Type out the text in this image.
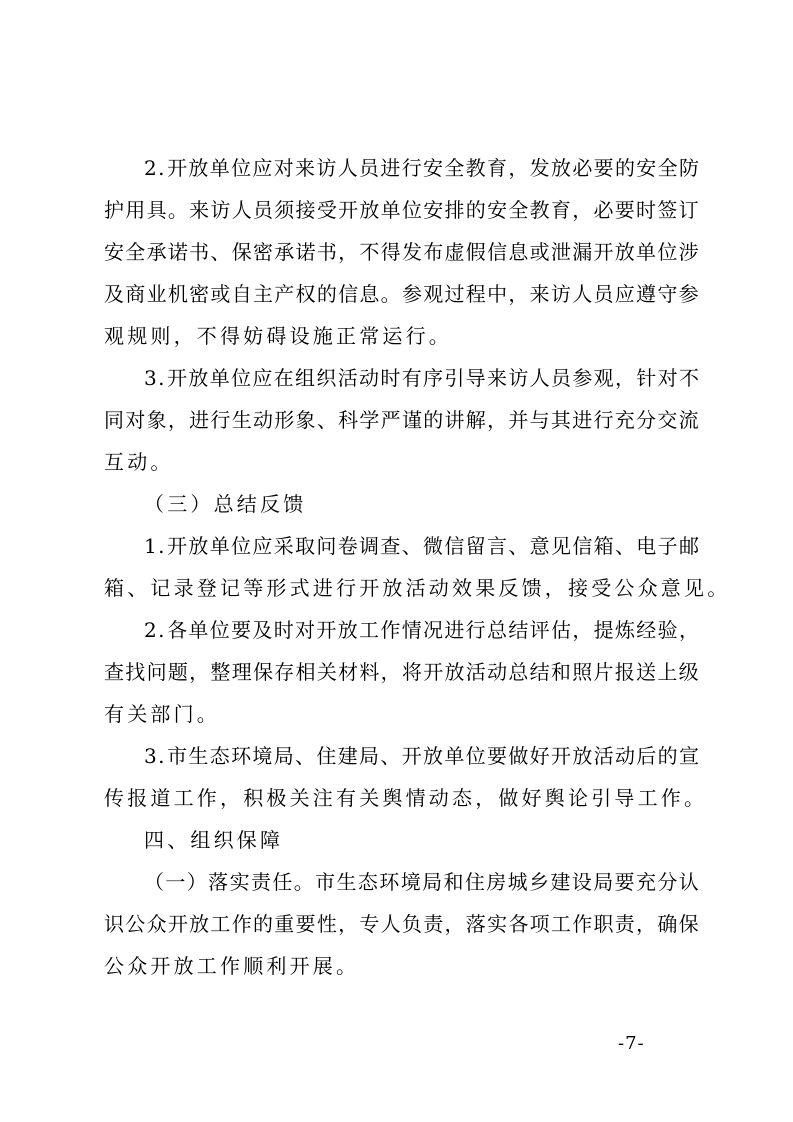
2 . 开 放 单 位 应 对 来 访 人 员 进 行 安 全 教 育 ， 发 放 必 要 的 安 全 防
护 用 具 。 来 访 人 员 须 接 受 开 放 单 位 安 排 的 安 全 教 育 ， 必 要 时 签 订
安 全 承 诺 书 、 保 密 承 诺 书 ， 不 得 发 布 虚 假 信 息 或 泄 漏 开 放 单 位 涉
及 商 业 机 密 或 自 主 产 权 的 信 息 。 参 观 过 程 中 ， 来 访 人 员 应 遵 守 参
观规则，不得妨碍设施正常运行。
3 . 开 放 单 位 应 在 组 织 活 动 时 有 序 引 导 来 访 人 员 参 观 ， 针 对 不
同 对 象 ， 进 行 生 动 形 象 、 科 学 严 谨 的 讲 解 ， 并 与 其 进 行 充 分 交 流
互动。
（三）总结反馈
1 . 开 放 单 位 应 采 取 问 卷 调 查 、 微 信 留 言 、 意 见 信 箱 、 电 子 邮
箱、记录登记等形式进行开放活动效果反馈，接受公众意见。
2 . 各 单 位 要 及 时 对 开 放 工 作 情 况 进 行 总 结 评 估 ， 提 炼 经 验 ，
查 找 问 题 ， 整 理 保 存 相 关 材 料 ， 将 开 放 活 动 总 结 和 照 片 报 送 上 级
有关部门。
3 . 市 生 态 环 境 局 、 住 建 局 、 开 放 单 位 要 做 好 开 放 活 动 后 的 宣
传报道工作，积极关注有关舆情动态，做好舆论引导工作。
四、组织保障
（ 一 ） 落 实 责 任 。 市 生 态 环 境 局 和 住 房 城 乡 建 设 局 要 充 分 认
识 公 众 开 放 工 作 的 重 要 性 ， 专 人 负 责 ， 落 实 各 项 工 作 职 责 ， 确 保
公众开放工作顺利开展。
-7-
